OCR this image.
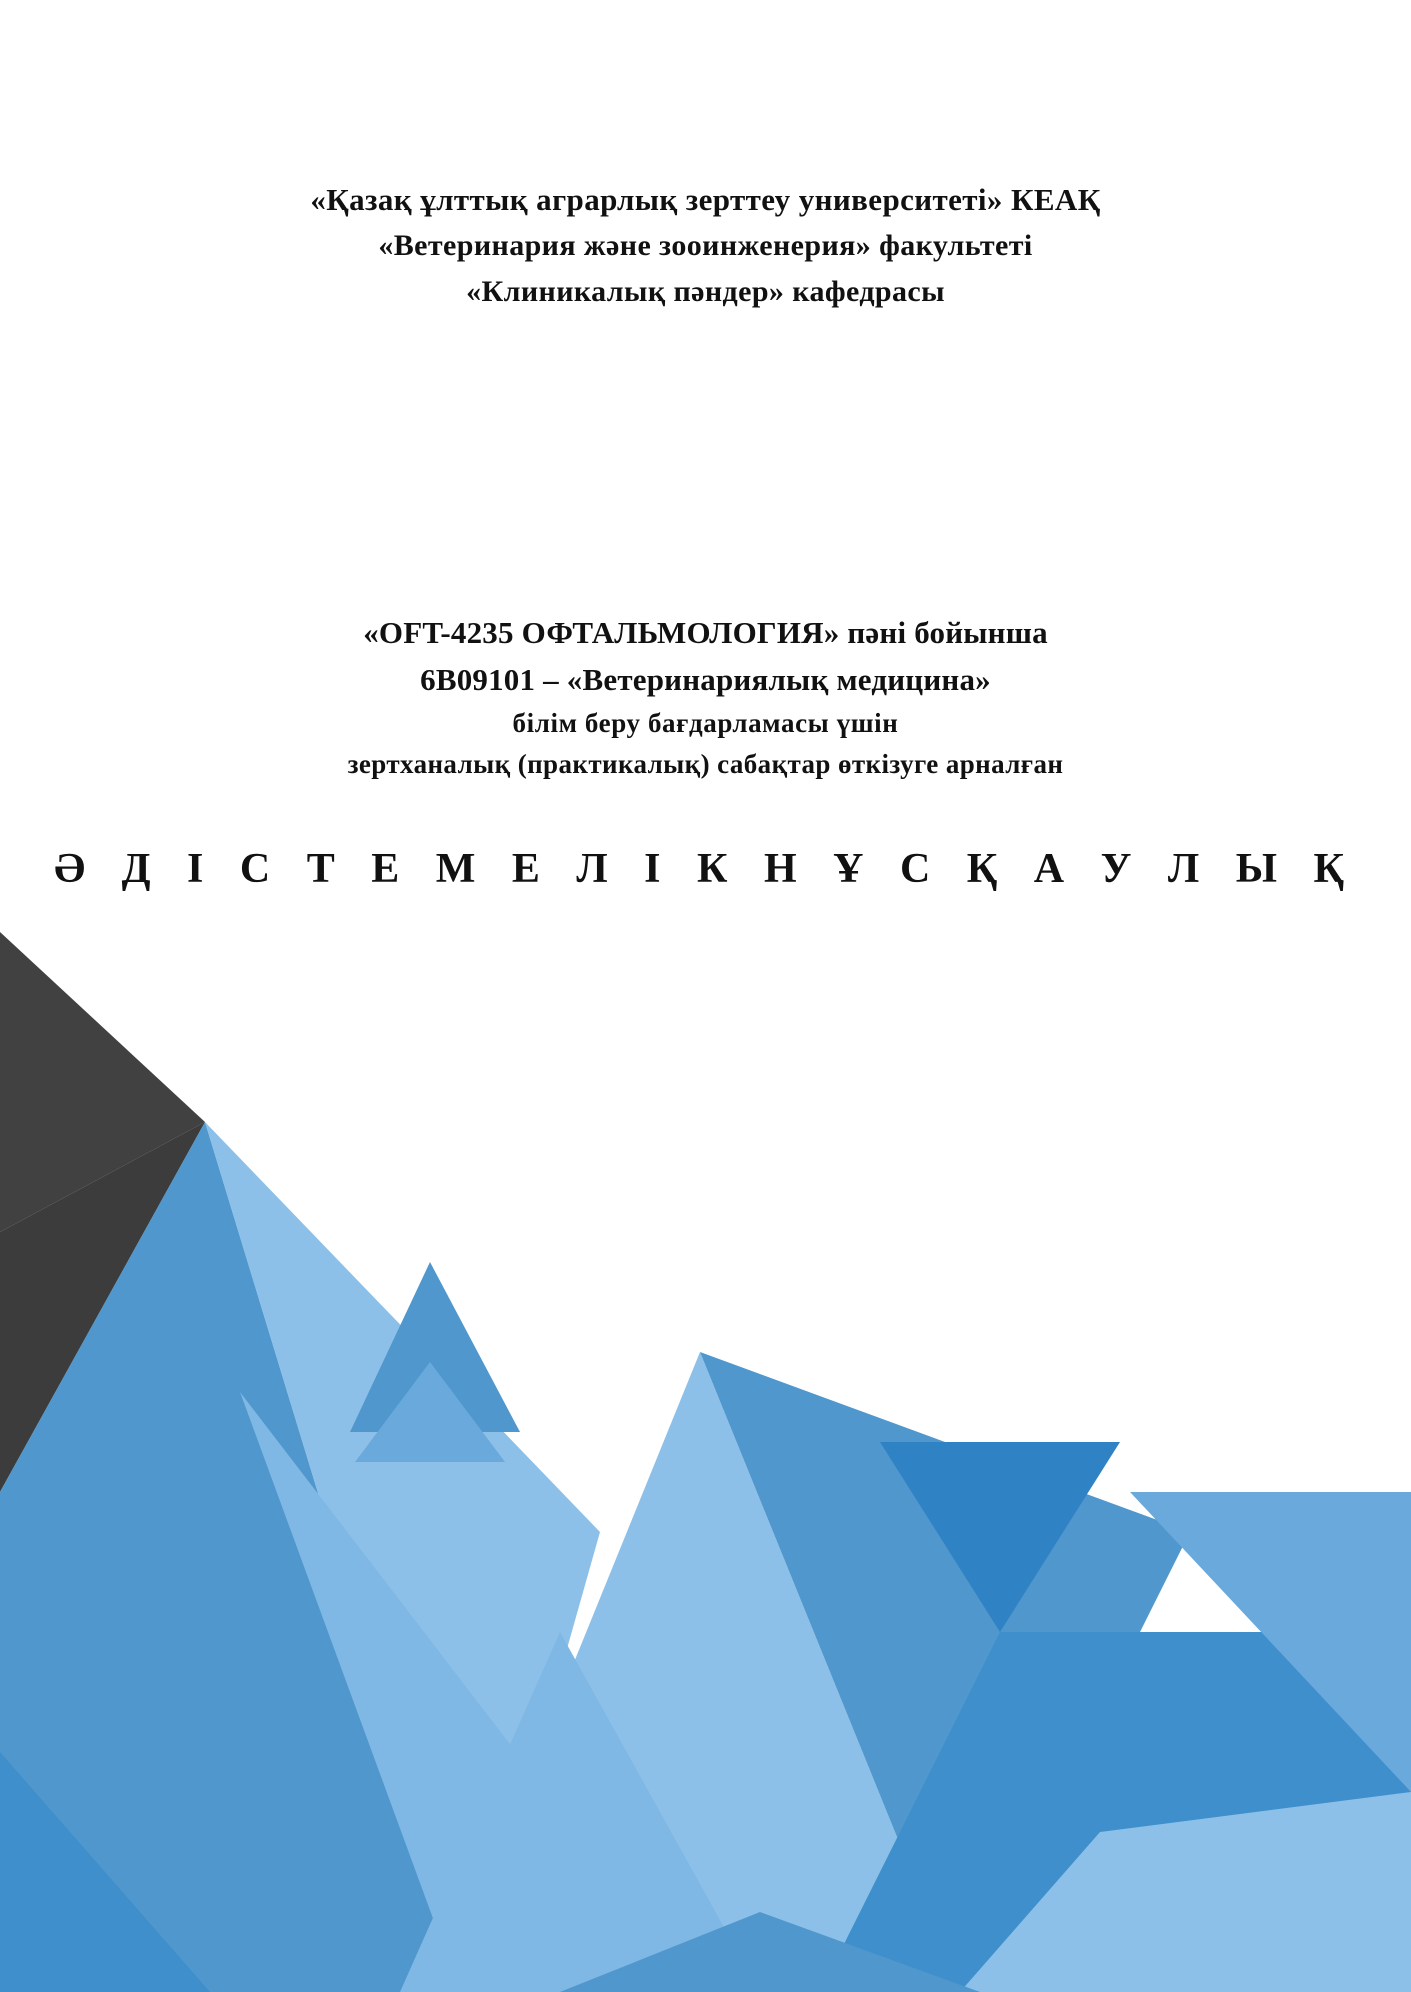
«Қазақ ұлттық аграрлық зерттеу университеті» КЕАҚ
«Ветеринария және зооинженерия» факультеті
«Клиникалық пәндер» кафедрасы
«OFT-4235 ОФТАЛЬМОЛОГИЯ» пәні бойынша
6B09101 – «Ветеринариялық медицина»
білім беру бағдарламасы үшін
зертханалық (практикалық) сабақтар өткізуге арналған
Ә Д І С Т Е М Е Л І К Н Ұ С Қ А У Л Ы Қ
